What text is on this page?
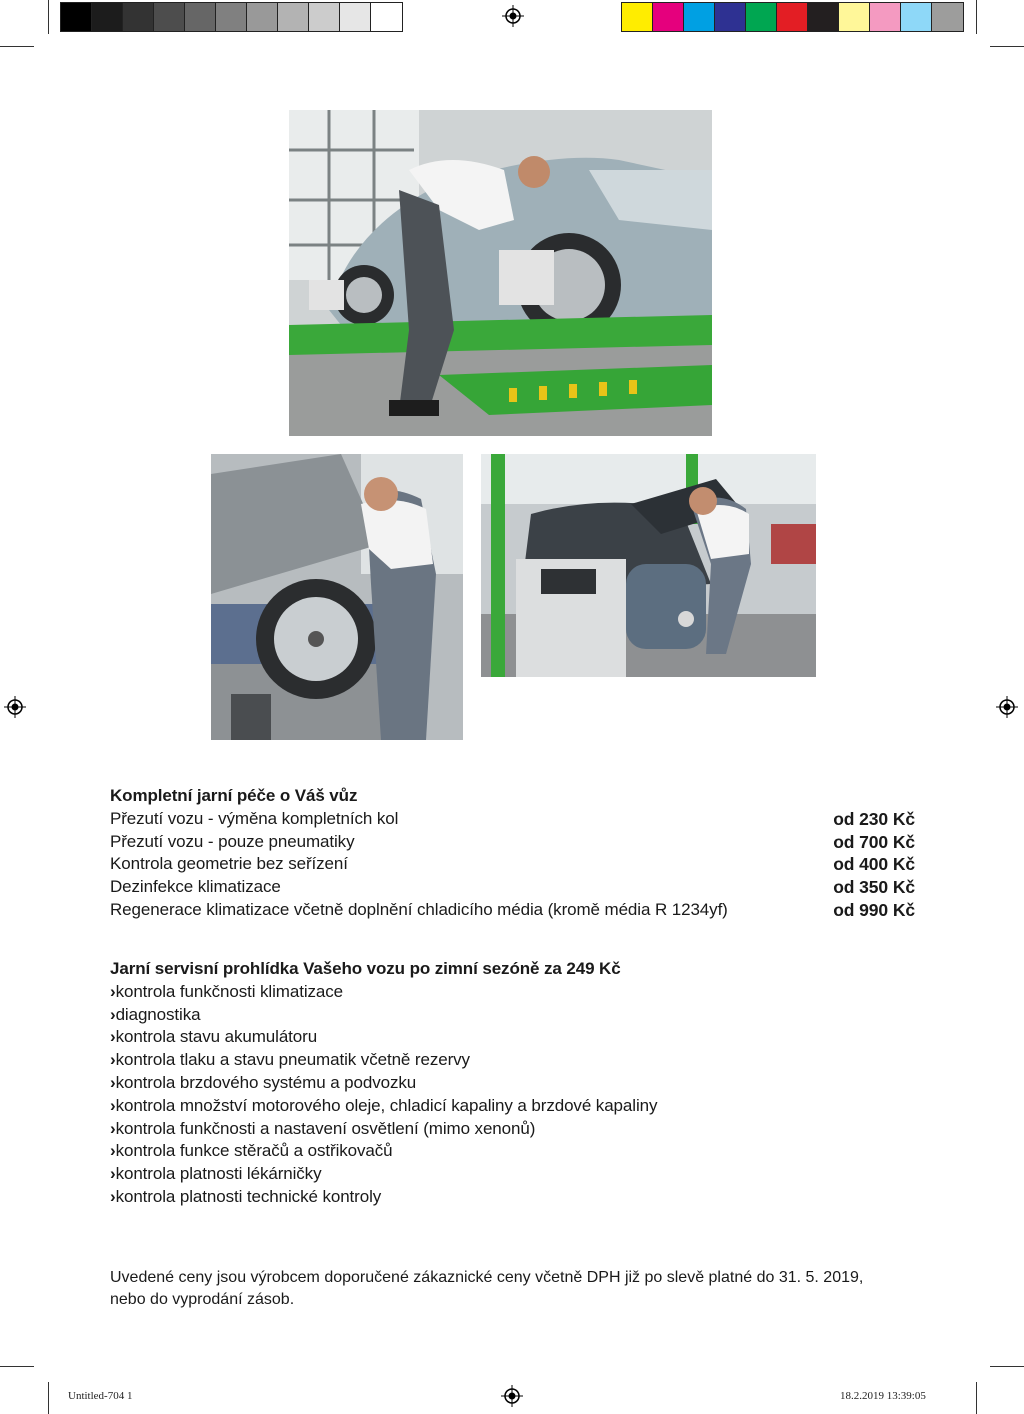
Kompletní jarní péče o Váš vůz
Přezutí vozu - výměna kompletních kol	od 230 Kč
Přezutí vozu - pouze pneumatiky	od 700 Kč
Kontrola geometrie bez seřízení	od 400 Kč
Dezinfekce klimatizace	od 350 Kč
Regenerace klimatizace včetně doplnění chladicího média (kromě média R 1234yf)	od 990 Kč
Jarní servisní prohlídka Vašeho vozu po zimní sezóně za 249 Kč
›kontrola funkčnosti klimatizace
›diagnostika
›kontrola stavu akumulátoru
›kontrola tlaku a stavu pneumatik včetně rezervy
›kontrola brzdového systému a podvozku
›kontrola množství motorového oleje, chladicí kapaliny a brzdové kapaliny
›kontrola funkčnosti a nastavení osvětlení (mimo xenonů)
›kontrola funkce stěračů a ostřikovačů
›kontrola platnosti lékárničky
›kontrola platnosti technické kontroly
Uvedené ceny jsou výrobcem doporučené zákaznické ceny včetně DPH již po slevě platné do 31. 5. 2019,
nebo do vyprodání zásob.
Untitled-704 1	18.2.2019 13:39:05
